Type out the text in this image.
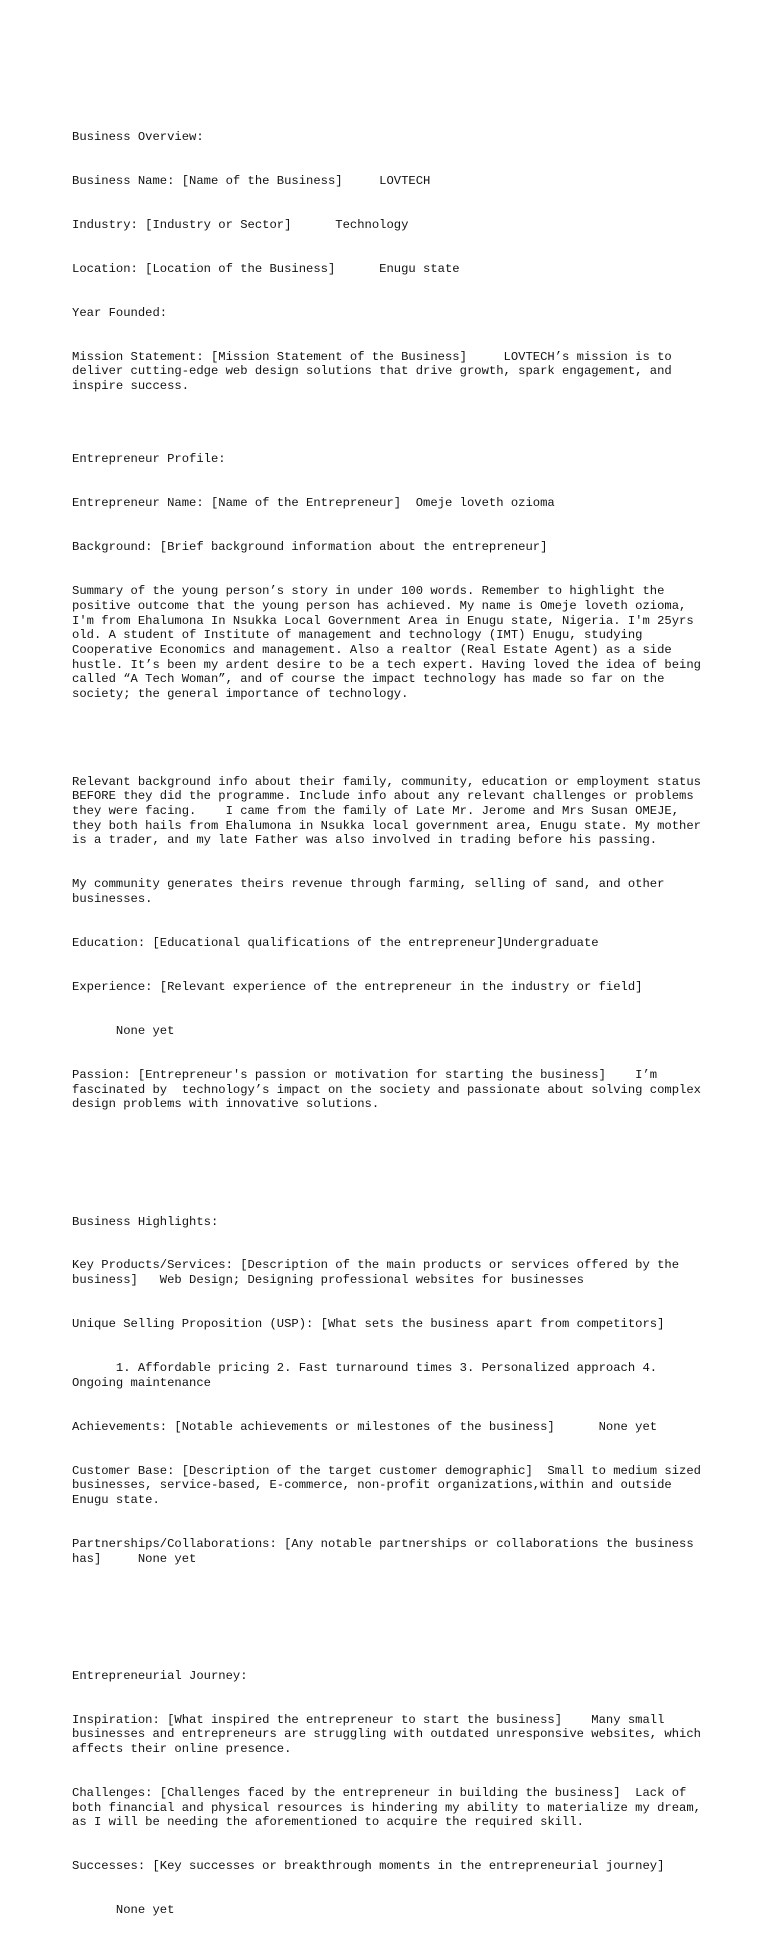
Business Overview:

Business Name: [Name of the Business]     LOVTECH

Industry: [Industry or Sector]      Technology

Location: [Location of the Business]      Enugu state

Year Founded:

Mission Statement: [Mission Statement of the Business]     LOVTECH’s mission is to deliver cutting-edge web design solutions that drive growth, spark engagement, and inspire success.

Entrepreneur Profile:

Entrepreneur Name: [Name of the Entrepreneur]  Omeje loveth ozioma

Background: [Brief background information about the entrepreneur]

Summary of the young person’s story in under 100 words. Remember to highlight the positive outcome that the young person has achieved. My name is Omeje loveth ozioma, I'm from Ehalumona In Nsukka Local Government Area in Enugu state, Nigeria. I'm 25yrs old. A student of Institute of management and technology (IMT) Enugu, studying Cooperative Economics and management. Also a realtor (Real Estate Agent) as a side hustle. It’s been my ardent desire to be a tech expert. Having loved the idea of being called “A Tech Woman”, and of course the impact technology has made so far on the society; the general importance of technology.

Relevant background info about their family, community, education or employment status BEFORE they did the programme. Include info about any relevant challenges or problems they were facing.    I came from the family of Late Mr. Jerome and Mrs Susan OMEJE, they both hails from Ehalumona in Nsukka local government area, Enugu state. My mother is a trader, and my late Father was also involved in trading before his passing.

My community generates theirs revenue through farming, selling of sand, and other businesses.

Education: [Educational qualifications of the entrepreneur]Undergraduate

Experience: [Relevant experience of the entrepreneur in the industry or field]

None yet

Passion: [Entrepreneur's passion or motivation for starting the business]    I’m fascinated by  technology’s impact on the society and passionate about solving complex design problems with innovative solutions.

Business Highlights:

Key Products/Services: [Description of the main products or services offered by the business]   Web Design; Designing professional websites for businesses

Unique Selling Proposition (USP): [What sets the business apart from competitors]

1. Affordable pricing 2. Fast turnaround times 3. Personalized approach 4. Ongoing maintenance

Achievements: [Notable achievements or milestones of the business]      None yet

Customer Base: [Description of the target customer demographic]  Small to medium sized businesses, service-based, E-commerce, non-profit organizations,within and outside Enugu state.

Partnerships/Collaborations: [Any notable partnerships or collaborations the business has]     None yet

Entrepreneurial Journey:

Inspiration: [What inspired the entrepreneur to start the business]    Many small businesses and entrepreneurs are struggling with outdated unresponsive websites, which affects their online presence.

Challenges: [Challenges faced by the entrepreneur in building the business]  Lack of both financial and physical resources is hindering my ability to materialize my dream, as I will be needing the aforementioned to acquire the required skill.

Successes: [Key successes or breakthrough moments in the entrepreneurial journey]

None yet
